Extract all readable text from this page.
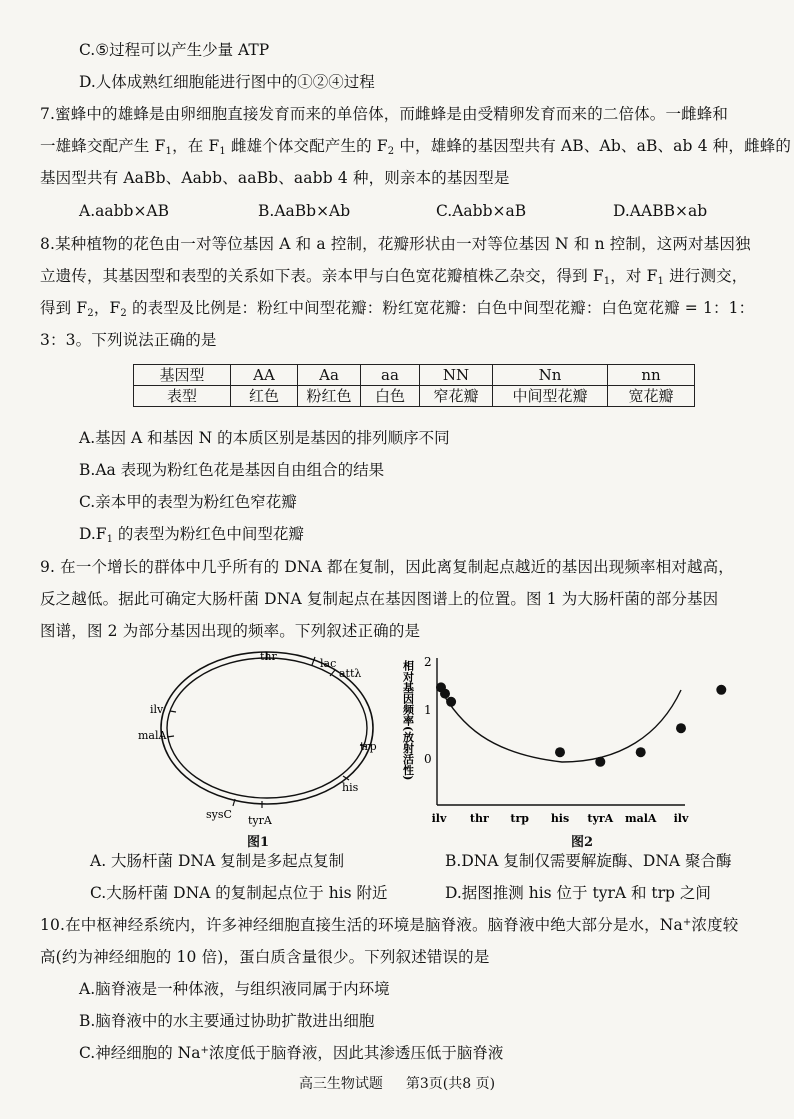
C.⑤过程可以产生少量 ATP
D.人体成熟红细胞能进行图中的①②④过程
7.蜜蜂中的雄蜂是由卵细胞直接发育而来的单倍体，而雌蜂是由受精卵发育而来的二倍体。一雌蜂和
一雄蜂交配产生 $F_1$，在 $F_1$ 雌雄个体交配产生的 $F_2$ 中，雄蜂的基因型共有 AB、Ab、aB、ab 4 种，雌蜂的
基因型共有 AaBb、Aabb、aaBb、aabb 4 种，则亲本的基因型是
A.aabb×AB	B.AaBb×Ab	C.Aabb×aB	D.AABB×ab
8.某种植物的花色由一对等位基因 A 和 a 控制，花瓣形状由一对等位基因 N 和 n 控制，这两对基因独
立遗传，其基因型和表型的关系如下表。亲本甲与白色宽花瓣植株乙杂交，得到 $F_1$，对 $F_1$ 进行测交，
得到 $F_2$，$F_2$ 的表型及比例是：粉红中间型花瓣：粉红宽花瓣：白色中间型花瓣：白色宽花瓣 = 1：1：
3：3。下列说法正确的是
基因型	AA	Aa	aa	NN	Nn	nn
表型	红色	粉红色	白色	窄花瓣	中间型花瓣	宽花瓣
A.基因 A 和基因 N 的本质区别是基因的排列顺序不同
B.Aa 表现为粉红色花是基因自由组合的结果
C.亲本甲的表型为粉红色窄花瓣
$D.F_1$ 的表型为粉红色中间型花瓣
9. 在一个增长的群体中几乎所有的 DNA 都在复制，因此离复制起点越近的基因出现频率相对越高，
反之越低。据此可确定大肠杆菌 DNA 复制起点在基因图谱上的位置。图 1 为大肠杆菌的部分基因
图谱，图 2 为部分基因出现的频率。下列叙述正确的是
thr
lac
attλ
ilv
malA
trp
his
sysC tyrA
图1
相对基因频率(放射活性) 2
1
0
ilv thr trp his tyrA malA ilv
图2
A. 大肠杆菌 DNA 复制是多起点复制	B.DNA 复制仅需要解旋酶、DNA 聚合酶
C.大肠杆菌 DNA 的复制起点位于 his 附近	D.据图推测 his 位于 tyrA 和 trp 之间
10.在中枢神经系统内，许多神经细胞直接生活的环境是脑脊液。脑脊液中绝大部分是水，Na+浓度较
高(约为神经细胞的 10 倍)，蛋白质含量很少。下列叙述错误的是
A.脑脊液是一种体液，与组织液同属于内环境
B.脑脊液中的水主要通过协助扩散进出细胞
C.神经细胞的 Na+浓度低于脑脊液，因此其渗透压低于脑脊液
高三生物试题 第3页(共8 页)
